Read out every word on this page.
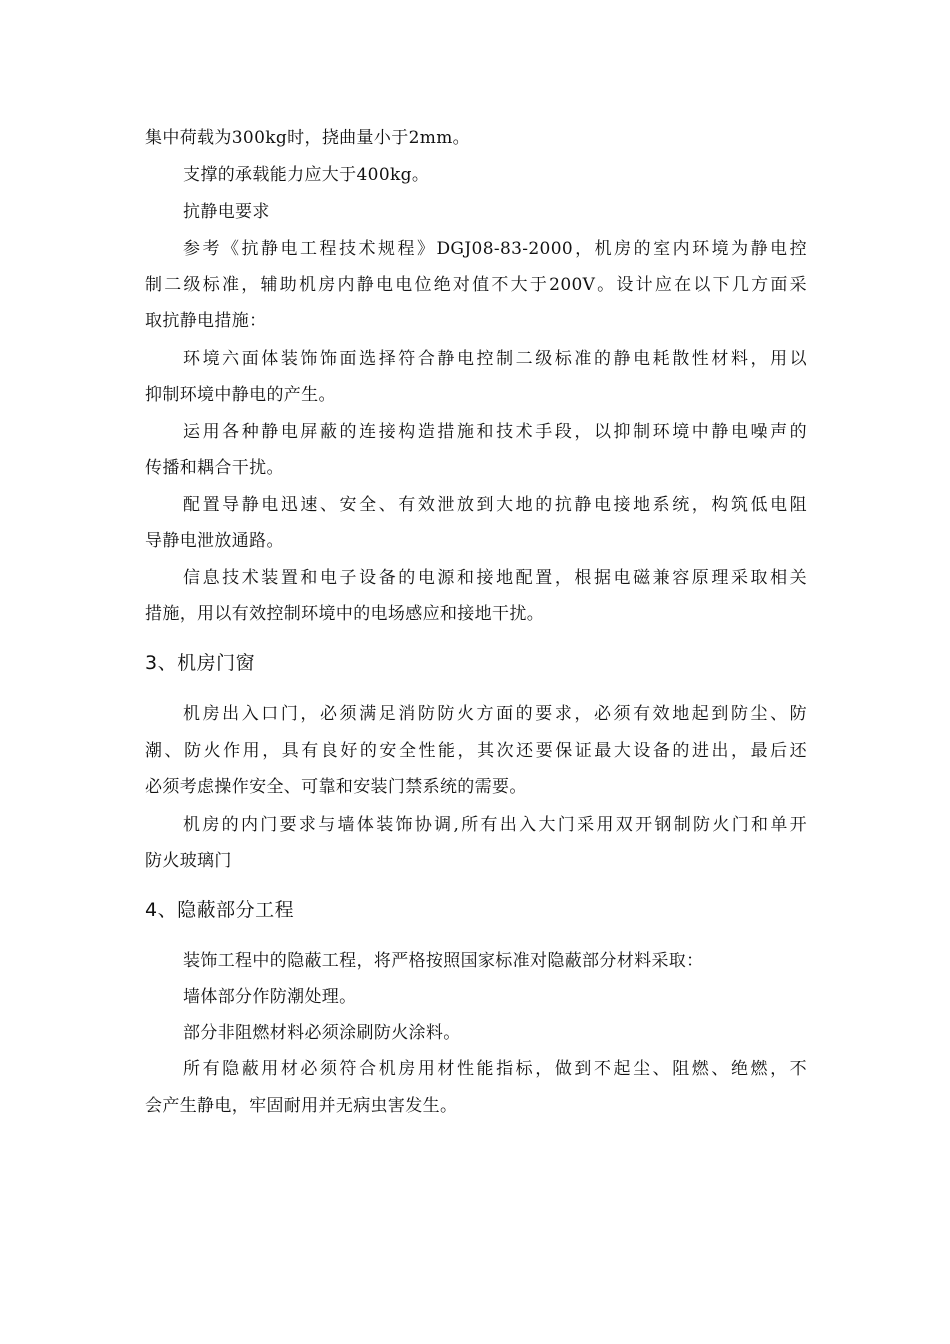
集中荷载为300kg时，挠曲量小于2mm。
支撑的承载能力应大于400kg。
抗静电要求
参考《抗静电工程技术规程》DGJ08-83-2000，机房的室内环境为静电控
制二级标准，辅助机房内静电电位绝对值不大于200V。设计应在以下几方面采
取抗静电措施：
环境六面体装饰饰面选择符合静电控制二级标准的静电耗散性材料，用以
抑制环境中静电的产生。
运用各种静电屏蔽的连接构造措施和技术手段，以抑制环境中静电噪声的
传播和耦合干扰。
配置导静电迅速、安全、有效泄放到大地的抗静电接地系统，构筑低电阻
导静电泄放通路。
信息技术装置和电子设备的电源和接地配置，根据电磁兼容原理采取相关
措施，用以有效控制环境中的电场感应和接地干扰。
3、机房门窗
机房出入口门，必须满足消防防火方面的要求，必须有效地起到防尘、防
潮、防火作用，具有良好的安全性能，其次还要保证最大设备的进出，最后还
必须考虑操作安全、可靠和安装门禁系统的需要。
机房的内门要求与墙体装饰协调,所有出入大门采用双开钢制防火门和单开
防火玻璃门
4、隐蔽部分工程
装饰工程中的隐蔽工程，将严格按照国家标准对隐蔽部分材料采取：
墙体部分作防潮处理。
部分非阻燃材料必须涂刷防火涂料。
所有隐蔽用材必须符合机房用材性能指标，做到不起尘、阻燃、绝燃，不
会产生静电，牢固耐用并无病虫害发生。
